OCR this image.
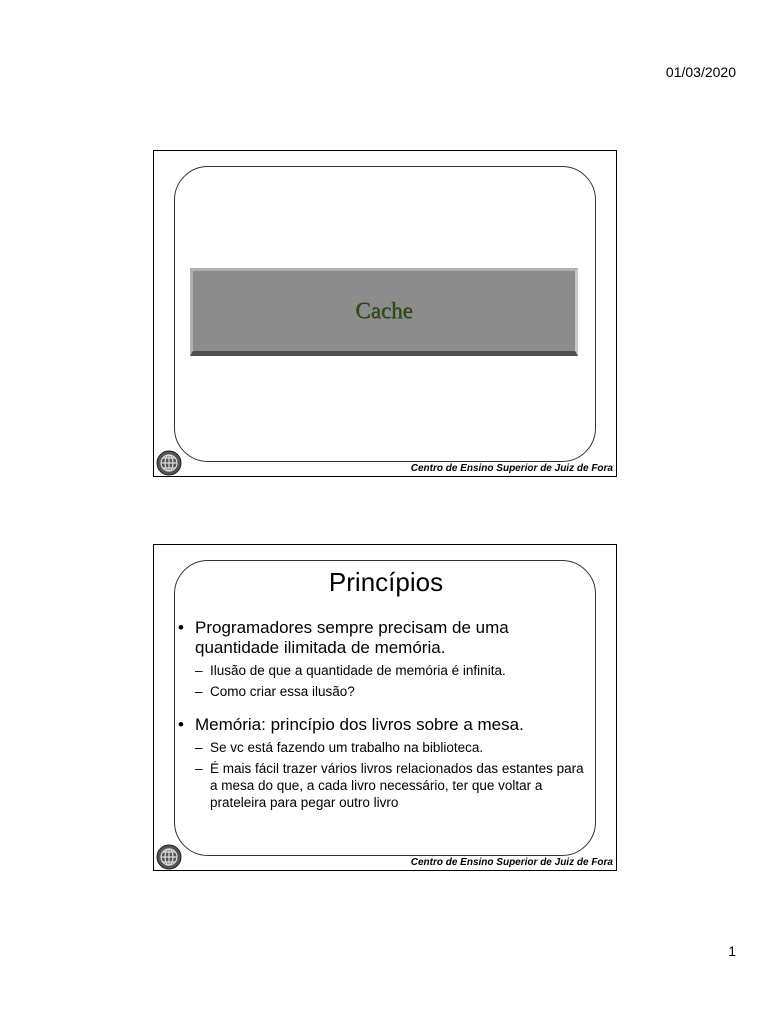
01/03/2020
Cache
Centro de Ensino Superior de Juiz de Fora
Princípios
• Programadores sempre precisam de uma quantidade ilimitada de memória.
– Ilusão de que a quantidade de memória é infinita.
– Como criar essa ilusão?
• Memória: princípio dos livros sobre a mesa.
– Se vc está fazendo um trabalho na biblioteca.
– É mais fácil trazer vários livros relacionados das estantes para a mesa do que, a cada livro necessário, ter que voltar a prateleira para pegar outro livro
Centro de Ensino Superior de Juiz de Fora
1
